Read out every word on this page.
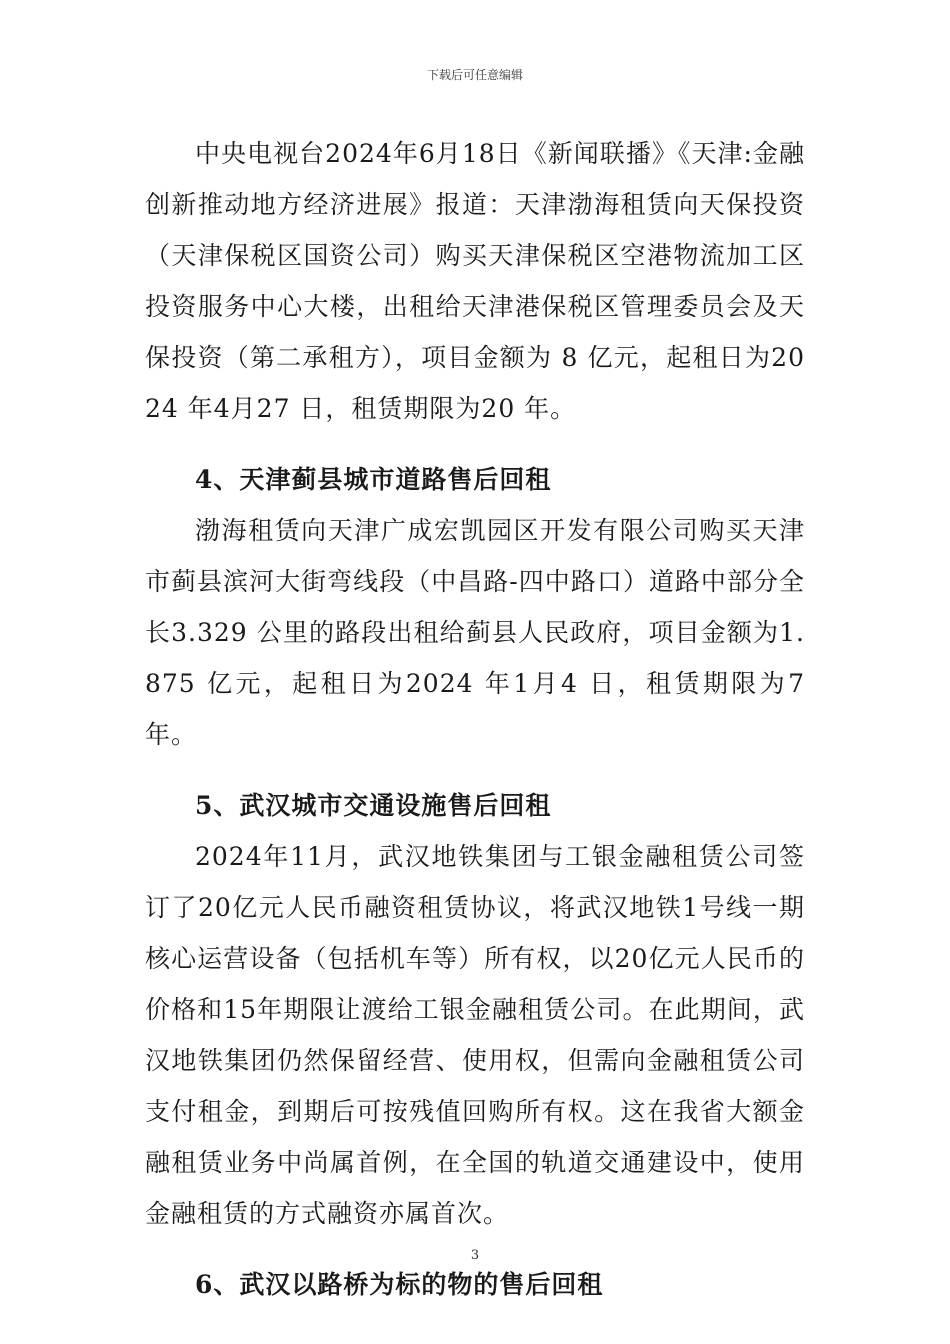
下载后可任意编辑

中央电视台2024年6月18日《新闻联播》《天津:金融创新推动地方经济进展》报道：天津渤海租赁向天保投资（天津保税区国资公司）购买天津保税区空港物流加工区投资服务中心大楼，出租给天津港保税区管理委员会及天保投资（第二承租方），项目金额为 8 亿元，起租日为2024 年4月27 日，租赁期限为20 年。

4、天津蓟县城市道路售后回租

渤海租赁向天津广成宏凯园区开发有限公司购买天津市蓟县滨河大街弯线段（中昌路-四中路口）道路中部分全长3.329 公里的路段出租给蓟县人民政府，项目金额为1.875 亿元，起租日为2024 年1月4 日，租赁期限为7年。

5、武汉城市交通设施售后回租

2024年11月，武汉地铁集团与工银金融租赁公司签订了20亿元人民币融资租赁协议，将武汉地铁1号线一期核心运营设备（包括机车等）所有权，以20亿元人民币的价格和15年期限让渡给工银金融租赁公司。在此期间，武汉地铁集团仍然保留经营、使用权，但需向金融租赁公司支付租金，到期后可按残值回购所有权。这在我省大额金融租赁业务中尚属首例，在全国的轨道交通建设中，使用金融租赁的方式融资亦属首次。

6、武汉以路桥为标的物的售后回租

3
